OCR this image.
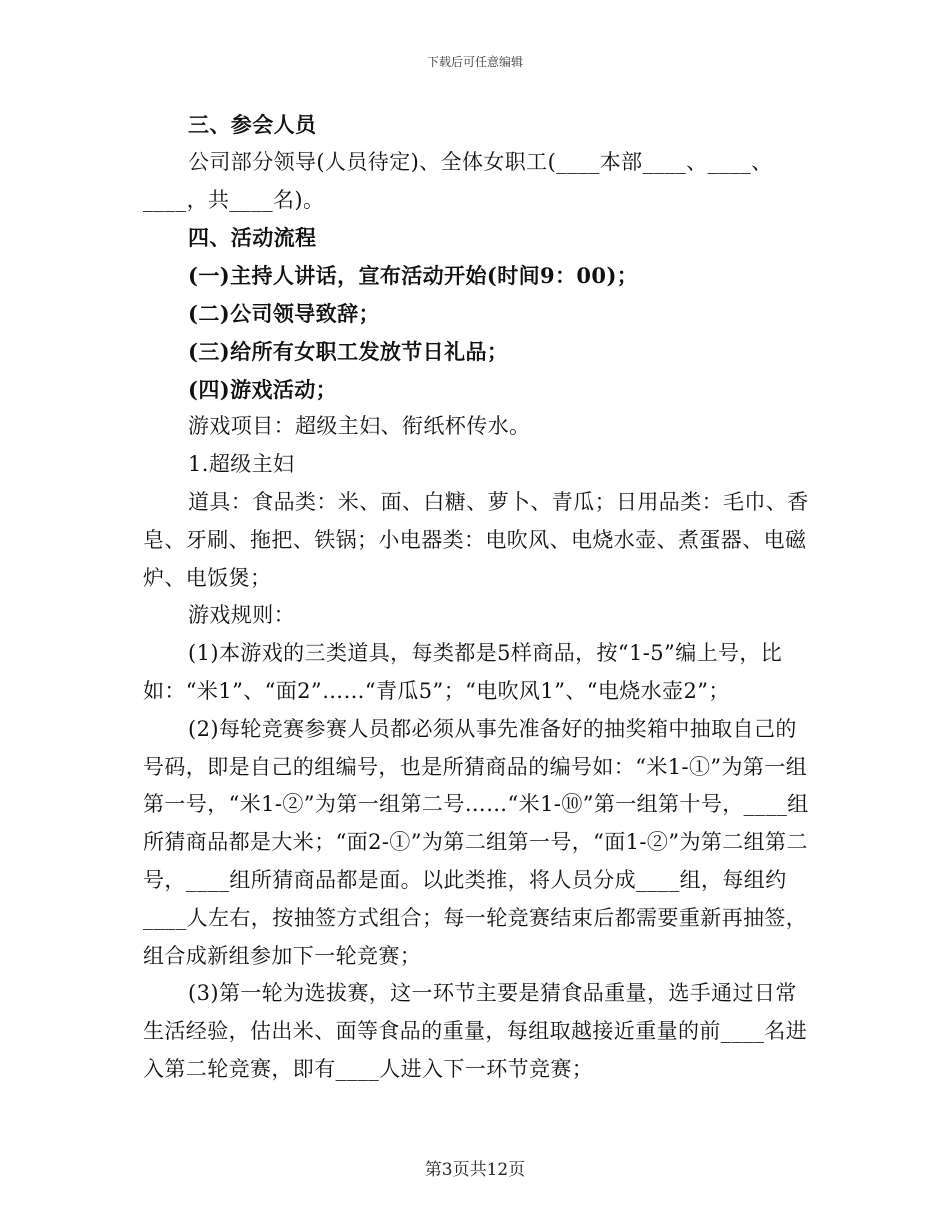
下载后可任意编辑

三、参会人员

公司部分领导(人员待定)、全体女职工(____本部____、____、____，共____名)。

四、活动流程

(一)主持人讲话，宣布活动开始(时间9：00)；

(二)公司领导致辞；

(三)给所有女职工发放节日礼品；

(四)游戏活动；

游戏项目：超级主妇、衔纸杯传水。

1.超级主妇

道具：食品类：米、面、白糖、萝卜、青瓜；日用品类：毛巾、香皂、牙刷、拖把、铁锅；小电器类：电吹风、电烧水壶、煮蛋器、电磁炉、电饭煲；

游戏规则：

(1)本游戏的三类道具，每类都是5样商品，按“1-5”编上号，比如：“米1”、“面2”……“青瓜5”；“电吹风1”、“电烧水壶2”；

(2)每轮竞赛参赛人员都必须从事先准备好的抽奖箱中抽取自己的号码，即是自己的组编号，也是所猜商品的编号如：“米1-①”为第一组第一号，“米1-②”为第一组第二号……“米1-⑩”第一组第十号，____组所猜商品都是大米；“面2-①”为第二组第一号，“面1-②”为第二组第二号，____组所猜商品都是面。以此类推，将人员分成____组，每组约____人左右，按抽签方式组合；每一轮竞赛结束后都需要重新再抽签，组合成新组参加下一轮竞赛；

(3)第一轮为选拔赛，这一环节主要是猜食品重量，选手通过日常生活经验，估出米、面等食品的重量，每组取越接近重量的前____名进入第二轮竞赛，即有____人进入下一环节竞赛；

第3页共12页
